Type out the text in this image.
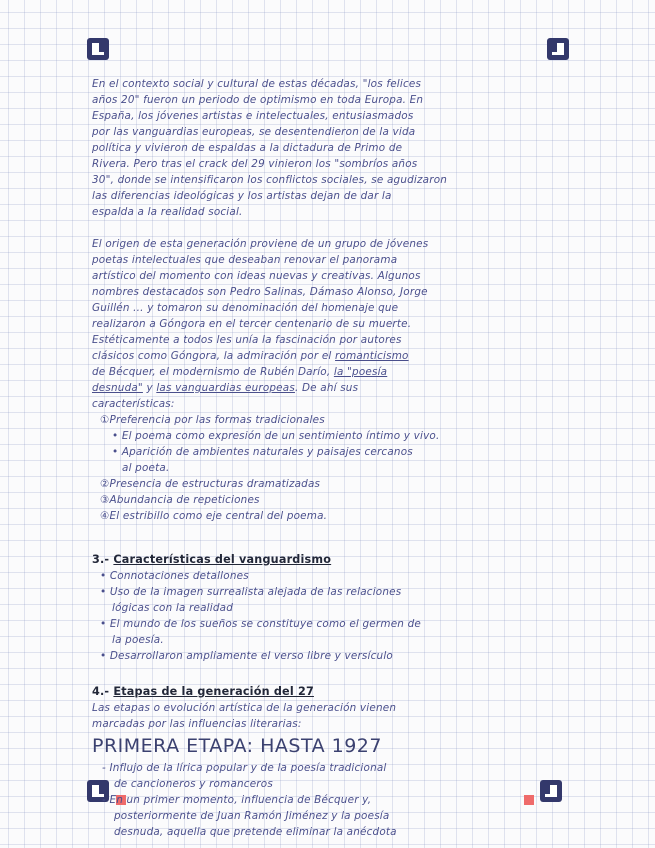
En el contexto social y cultural de estas décadas, "los felices

años 20" fueron un periodo de optimismo en toda Europa. En

España, los jóvenes artistas e intelectuales, entusiasmados

por las vanguardias europeas, se desentendieron de la vida

política y vivieron de espaldas a la dictadura de Primo de

Rivera. Pero tras el crack del 29 vinieron los "sombríos años

30", donde se intensificaron los conflictos sociales, se agudizaron

las diferencias ideológicas y los artistas dejan de dar la

espalda a la realidad social.

El origen de esta generación proviene de un grupo de jóvenes

poetas intelectuales que deseaban renovar el panorama

artístico del momento con ideas nuevas y creativas. Algunos

nombres destacados son Pedro Salinas, Dámaso Alonso, Jorge

Guillén ... y tomaron su denominación del homenaje que

realizaron a Góngora en el tercer centenario de su muerte.

Estéticamente a todos les unía la fascinación por autores

clásicos como Góngora, la admiración por el romanticismo

de Bécquer, el modernismo de Rubén Darío, la "poesía

desnuda" y las vanguardias europeas. De ahí sus

características:

①Preferencia por las formas tradicionales

• El poema como expresión de un sentimiento íntimo y vivo.

• Aparición de ambientes naturales y paisajes cercanos

al poeta.

②Presencia de estructuras dramatizadas

③Abundancia de repeticiones

④El estribillo como eje central del poema.

3.- Características del vanguardismo

• Connotaciones detallones

• Uso de la imagen surrealista alejada de las relaciones

lógicas con la realidad

• El mundo de los sueños se constituye como el germen de

la poesía.

• Desarrollaron ampliamente el verso libre y versículo

4.- Etapas de la generación del 27

Las etapas o evolución artística de la generación vienen

marcadas por las influencias literarias:

PRIMERA ETAPA: HASTA 1927

- Influjo de la lírica popular y de la poesía tradicional

de cancioneros y romanceros

- En un primer momento, influencia de Bécquer y,

posteriormente de Juan Ramón Jiménez y la poesía

desnuda, aquella que pretende eliminar la anécdota
